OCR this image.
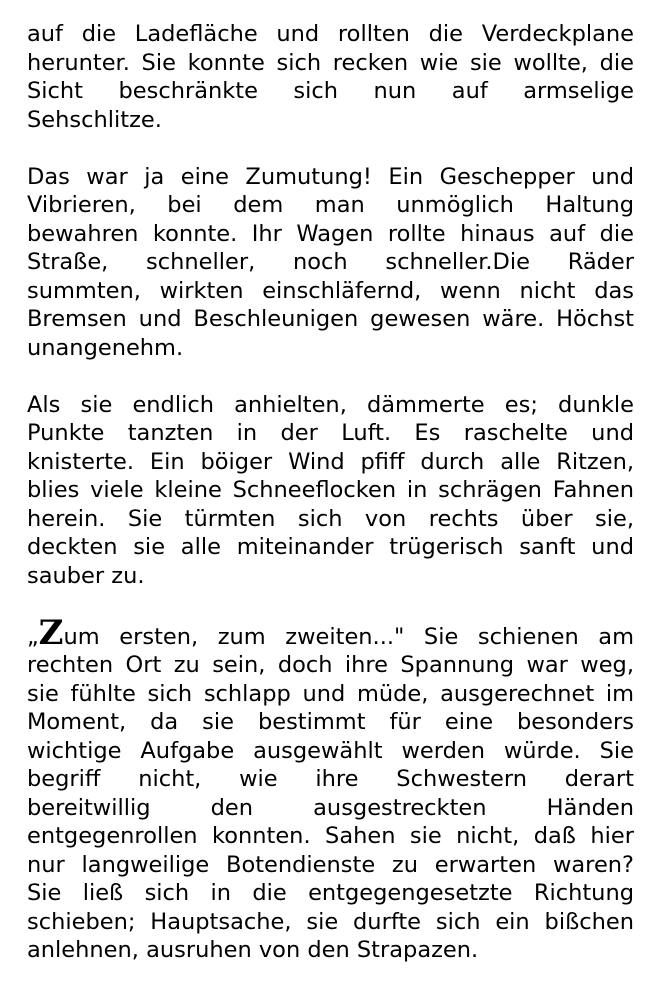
auf die Ladefläche und rollten die Verdeckplane
herunter. Sie konnte sich recken wie sie wollte, die
Sicht beschränkte sich nun auf armselige
Sehschlitze.

Das war ja eine Zumutung! Ein Geschepper und
Vibrieren, bei dem man unmöglich Haltung
bewahren konnte. Ihr Wagen rollte hinaus auf die
Straße, schneller, noch schneller.Die Räder
summten, wirkten einschläfernd, wenn nicht das
Bremsen und Beschleunigen gewesen wäre. Höchst
unangenehm.

Als sie endlich anhielten, dämmerte es; dunkle
Punkte tanzten in der Luft. Es raschelte und
knisterte. Ein böiger Wind pfiff durch alle Ritzen,
blies viele kleine Schneeflocken in schrägen Fahnen
herein. Sie türmten sich von rechts über sie,
deckten sie alle miteinander trügerisch sanft und
sauber zu.

„Zum ersten, zum zweiten..." Sie schienen am
rechten Ort zu sein, doch ihre Spannung war weg,
sie fühlte sich schlapp und müde, ausgerechnet im
Moment, da sie bestimmt für eine besonders
wichtige Aufgabe ausgewählt werden würde. Sie
begriff nicht, wie ihre Schwestern derart
bereitwillig den ausgestreckten Händen
entgegenrollen konnten. Sahen sie nicht, daß hier
nur langweilige Botendienste zu erwarten waren?
Sie ließ sich in die entgegengesetzte Richtung
schieben; Hauptsache, sie durfte sich ein bißchen
anlehnen, ausruhen von den Strapazen.
